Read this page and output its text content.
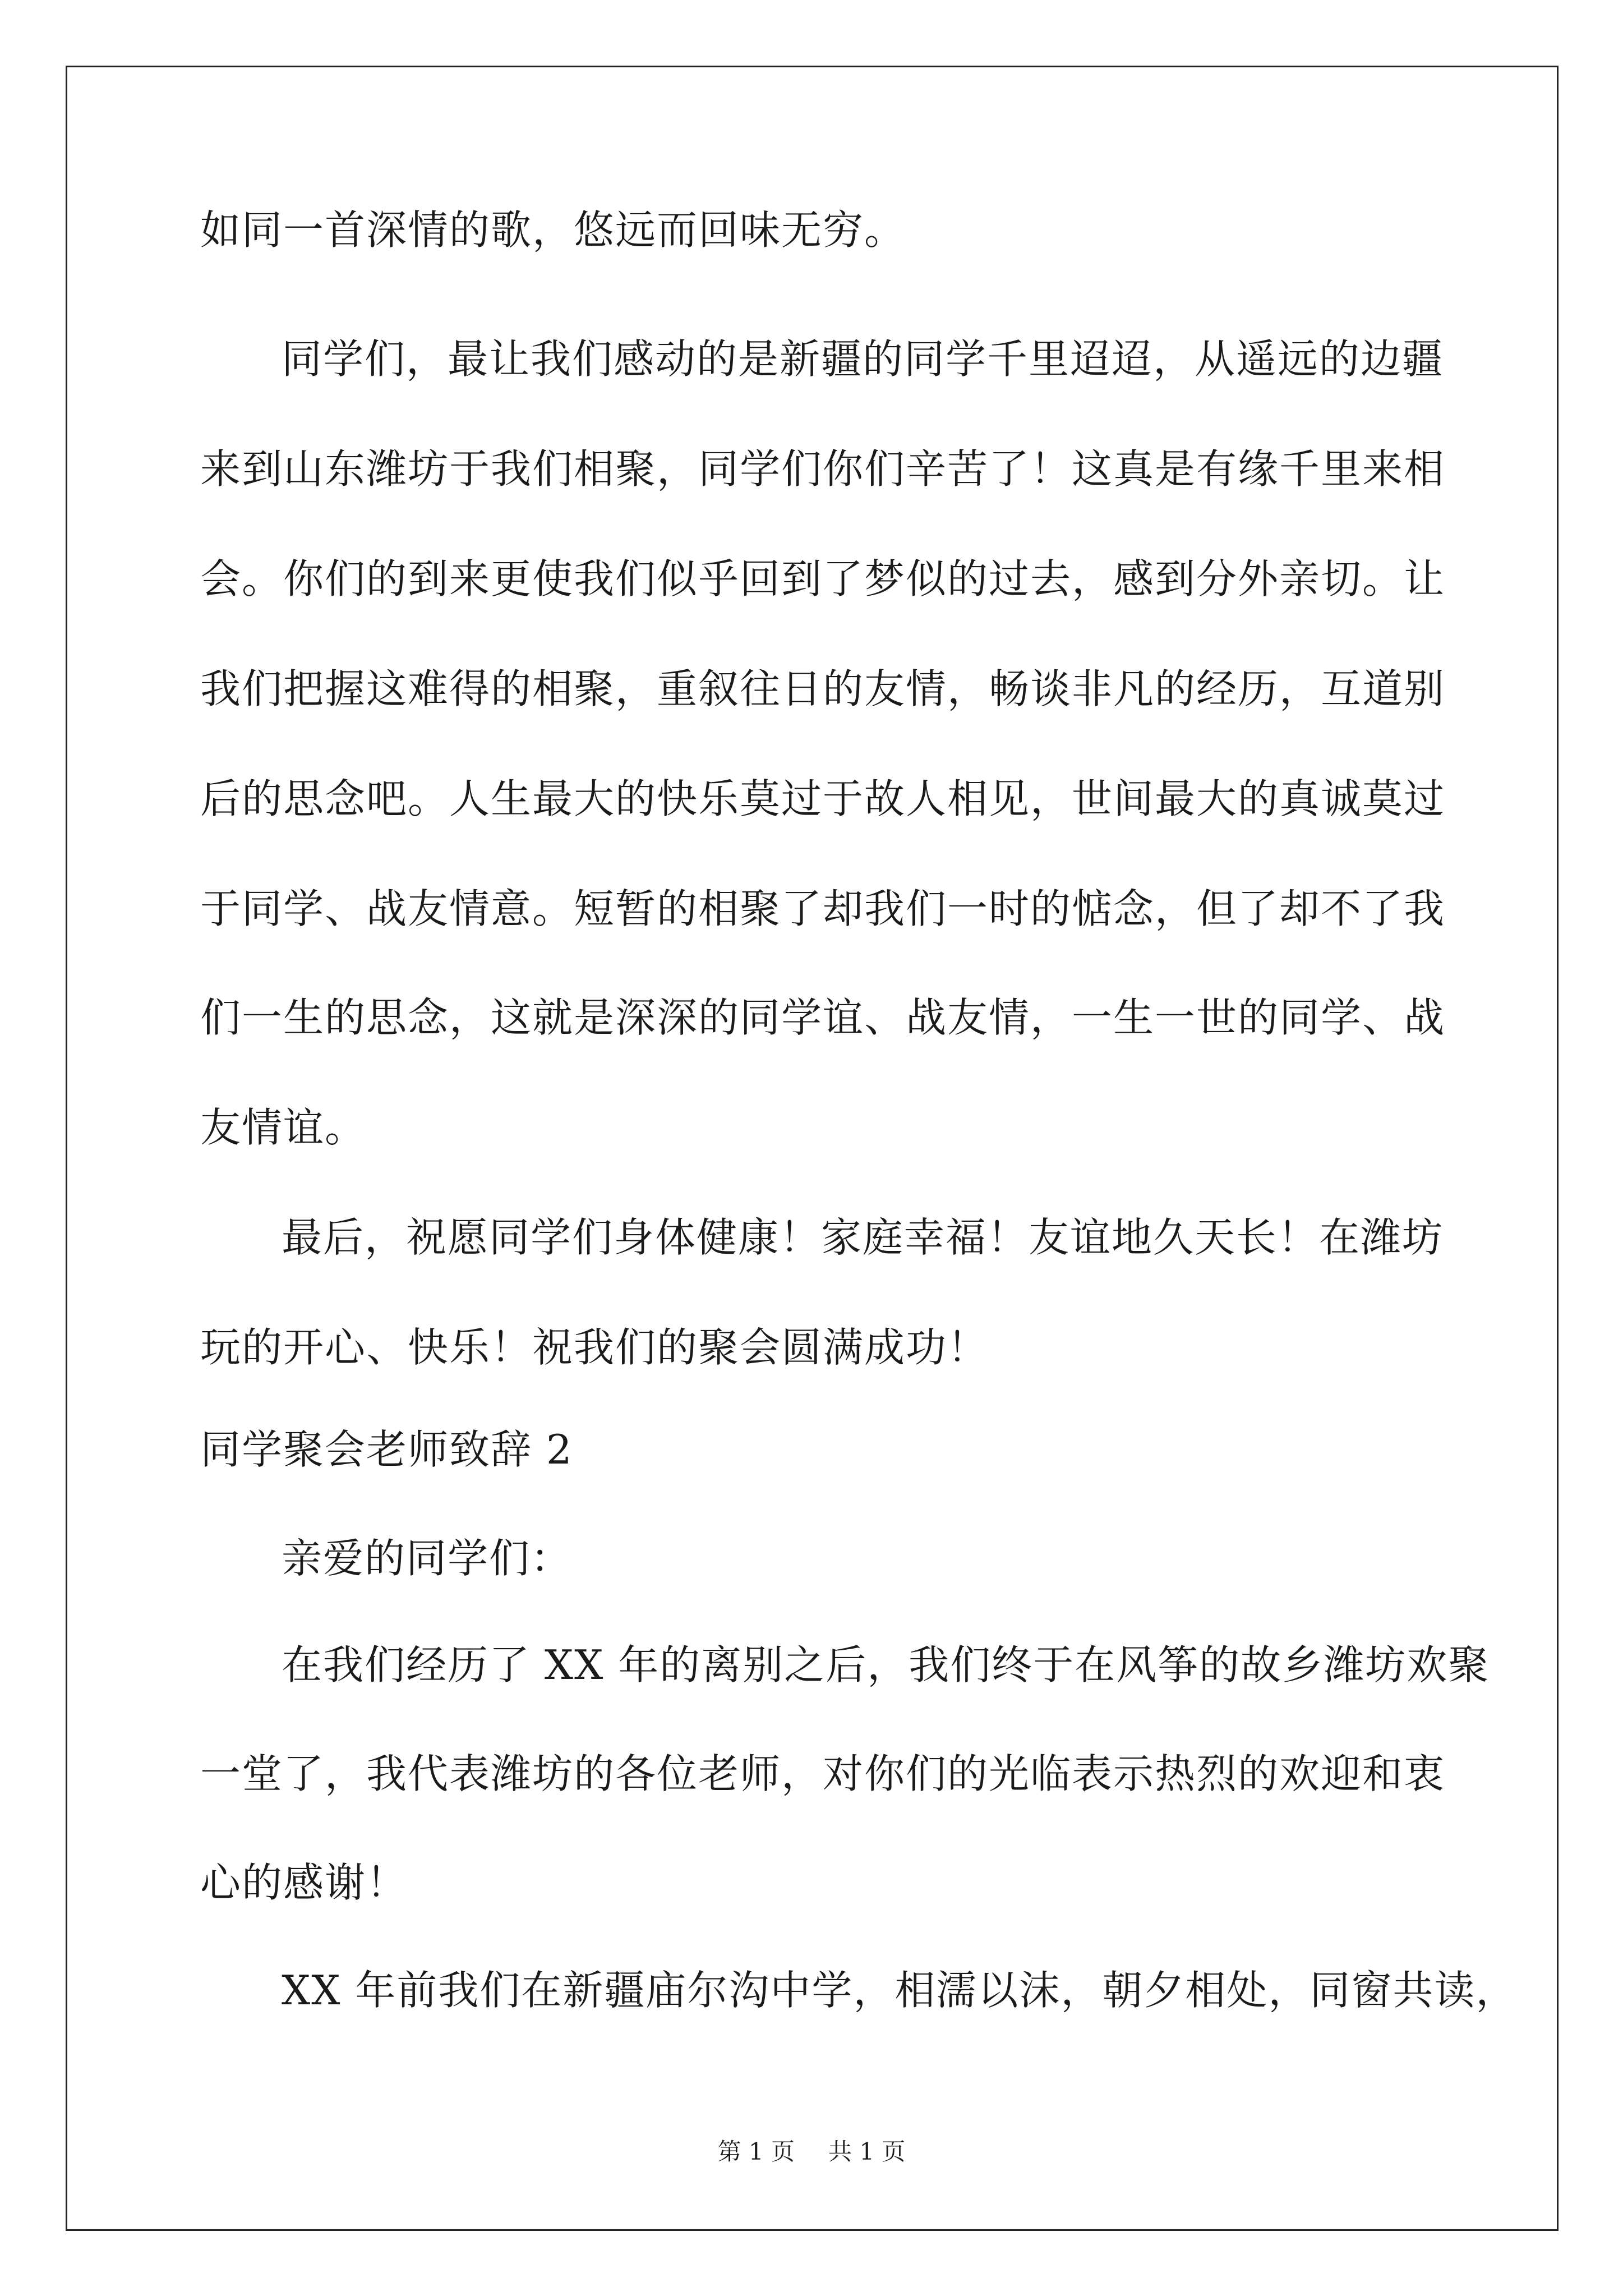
如同一首深情的歌，悠远而回味无穷。
同学们，最让我们感动的是新疆的同学千里迢迢，从遥远的边疆
来到山东潍坊于我们相聚，同学们你们辛苦了！这真是有缘千里来相
会。你们的到来更使我们似乎回到了梦似的过去，感到分外亲切。让
我们把握这难得的相聚，重叙往日的友情，畅谈非凡的经历，互道别
后的思念吧。人生最大的快乐莫过于故人相见，世间最大的真诚莫过
于同学、战友情意。短暂的相聚了却我们一时的惦念，但了却不了我
们一生的思念，这就是深深的同学谊、战友情，一生一世的同学、战
友情谊。
最后，祝愿同学们身体健康！家庭幸福！友谊地久天长！在潍坊
玩的开心、快乐！祝我们的聚会圆满成功！
同学聚会老师致辞 2
亲爱的同学们：
在我们经历了 XX 年的离别之后，我们终于在风筝的故乡潍坊欢聚
一堂了，我代表潍坊的各位老师，对你们的光临表示热烈的欢迎和衷
心的感谢！
XX 年前我们在新疆庙尔沟中学，相濡以沫，朝夕相处，同窗共读，
第 1 页 共 1 页
